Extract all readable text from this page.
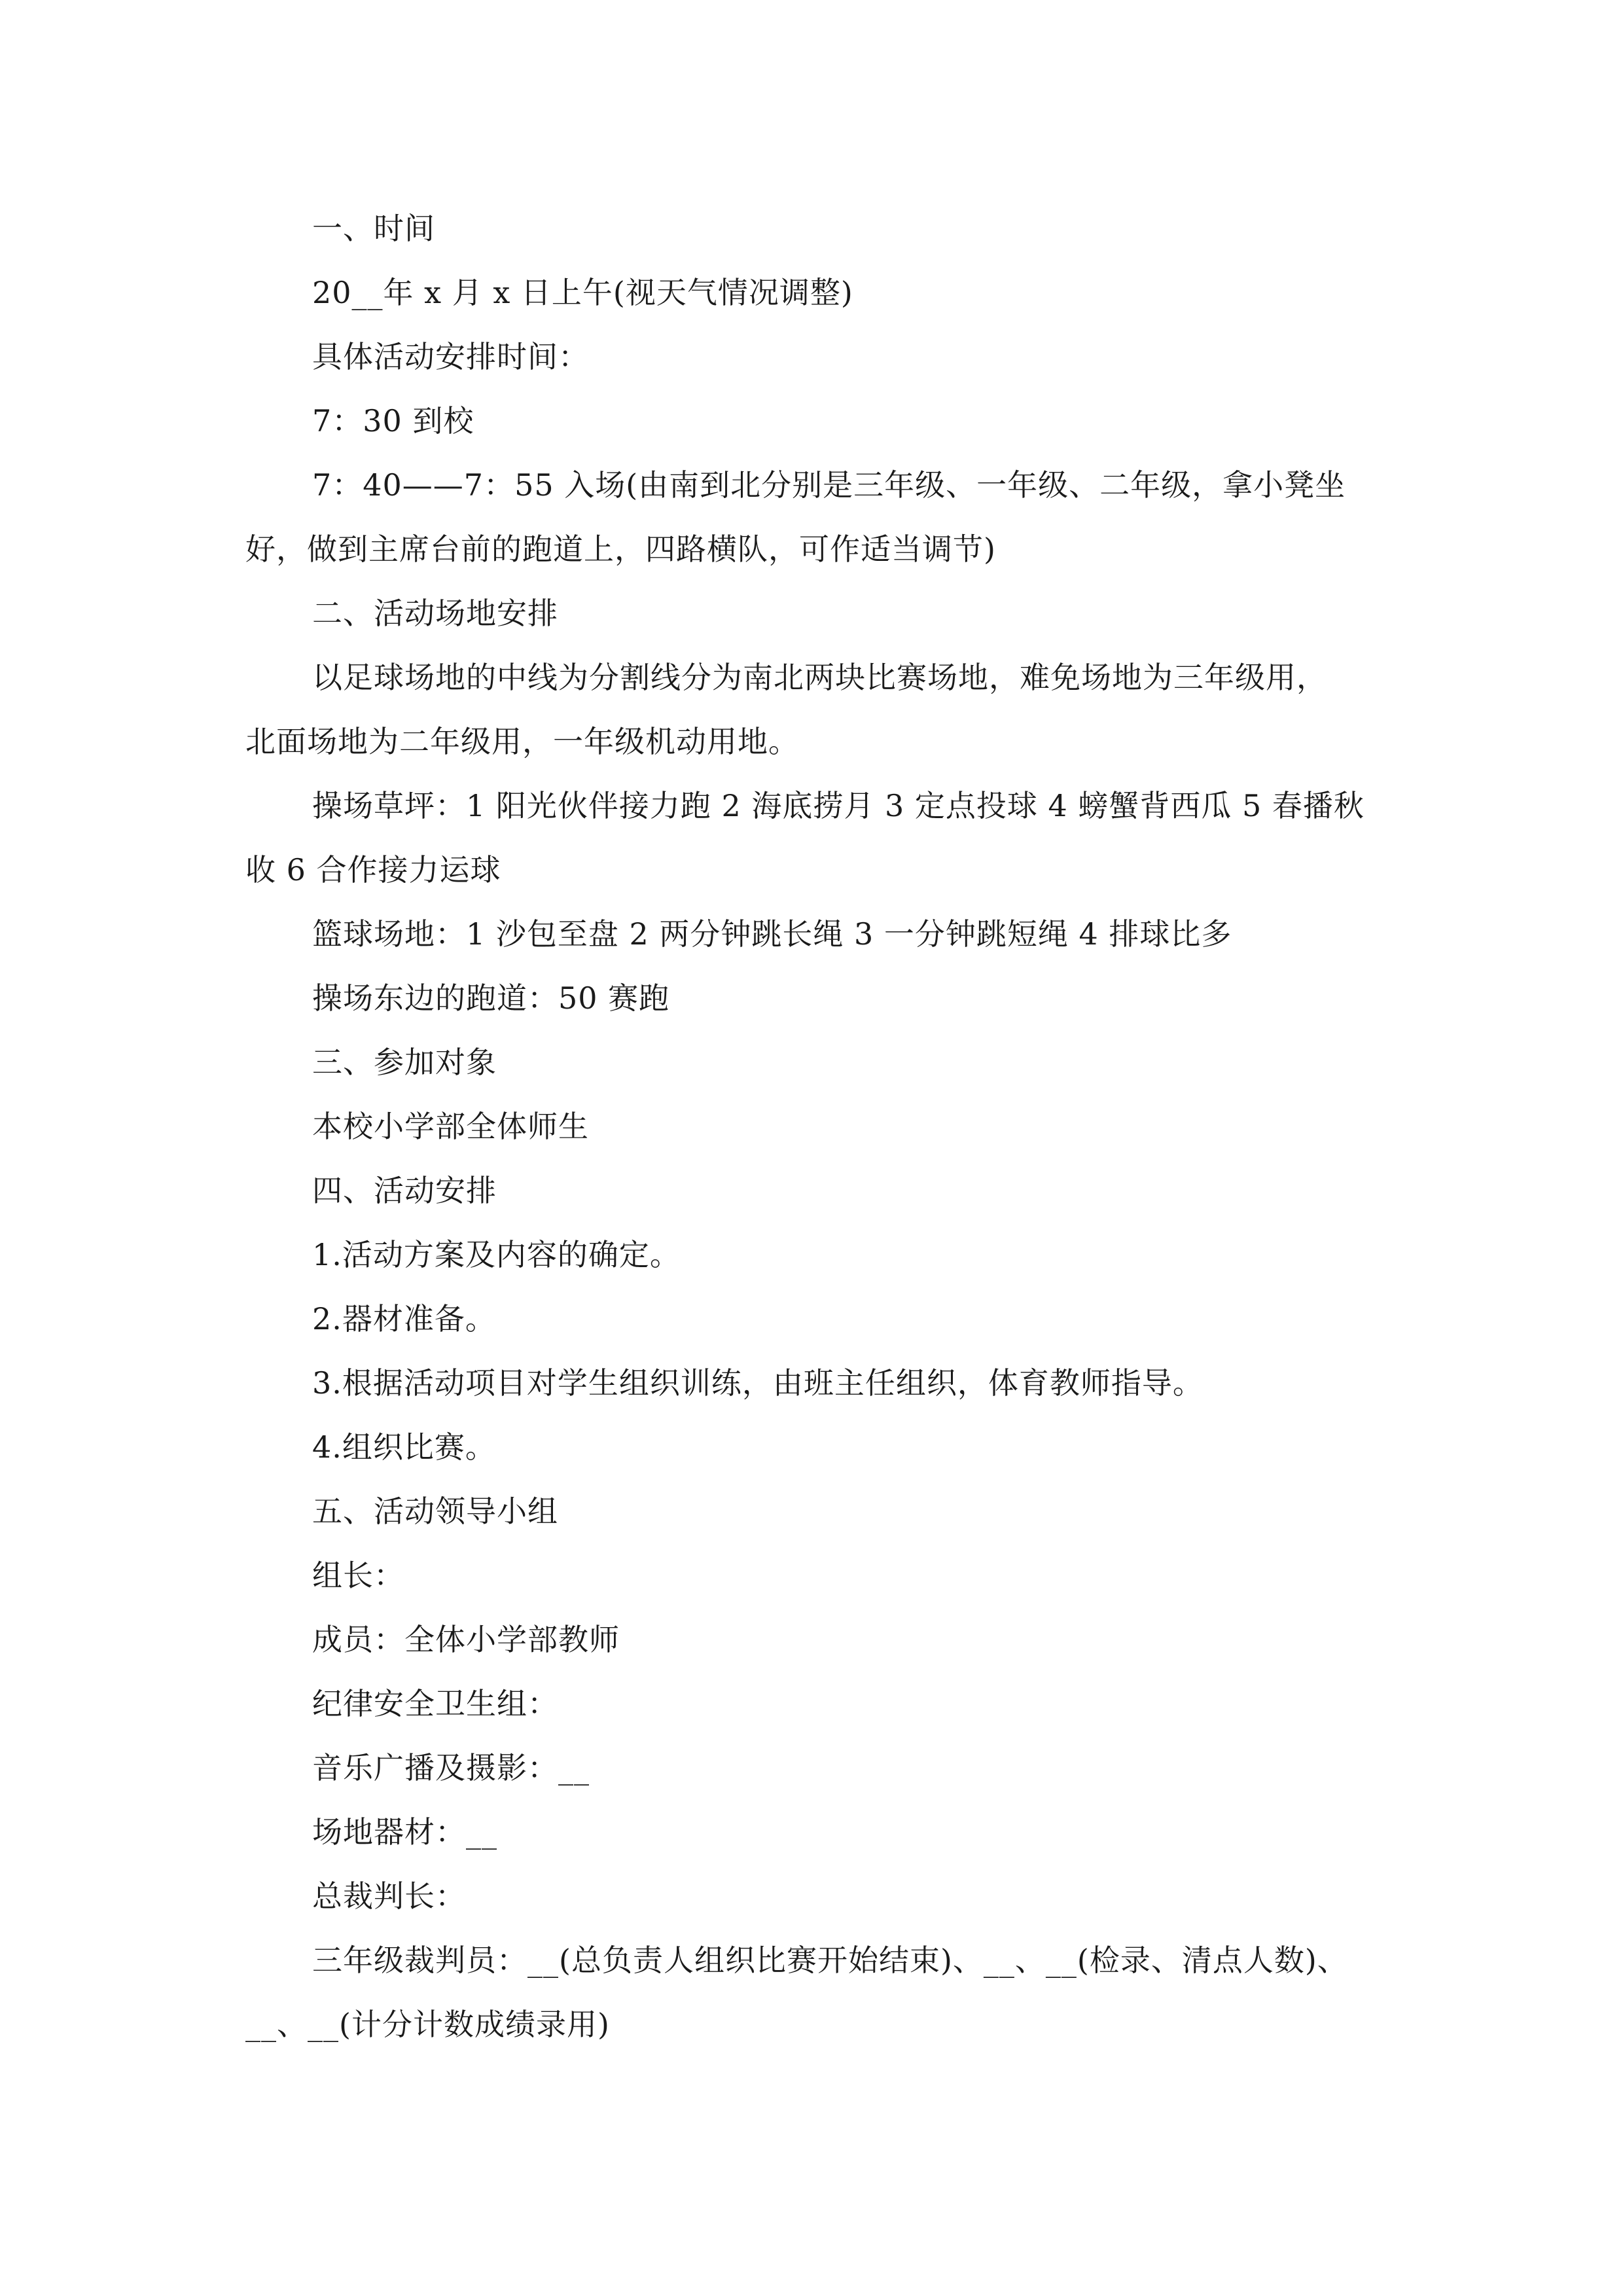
一、时间

20__年 x 月 x 日上午(视天气情况调整)

具体活动安排时间：

7：30 到校

7：40——7：55 入场(由南到北分别是三年级、一年级、二年级，拿小凳坐
好，做到主席台前的跑道上，四路横队，可作适当调节)

二、活动场地安排

以足球场地的中线为分割线分为南北两块比赛场地，难免场地为三年级用，
北面场地为二年级用，一年级机动用地。

操场草坪：1 阳光伙伴接力跑 2 海底捞月 3 定点投球 4 螃蟹背西瓜 5 春播秋
收 6 合作接力运球

篮球场地：1 沙包至盘 2 两分钟跳长绳 3 一分钟跳短绳 4 排球比多

操场东边的跑道：50 赛跑

三、参加对象

本校小学部全体师生

四、活动安排

1.活动方案及内容的确定。

2.器材准备。

3.根据活动项目对学生组织训练，由班主任组织，体育教师指导。

4.组织比赛。

五、活动领导小组

组长：

成员：全体小学部教师

纪律安全卫生组：

音乐广播及摄影：__

场地器材：__

总裁判长：

三年级裁判员：__(总负责人组织比赛开始结束)、__、__(检录、清点人数)、
__、__(计分计数成绩录用)
